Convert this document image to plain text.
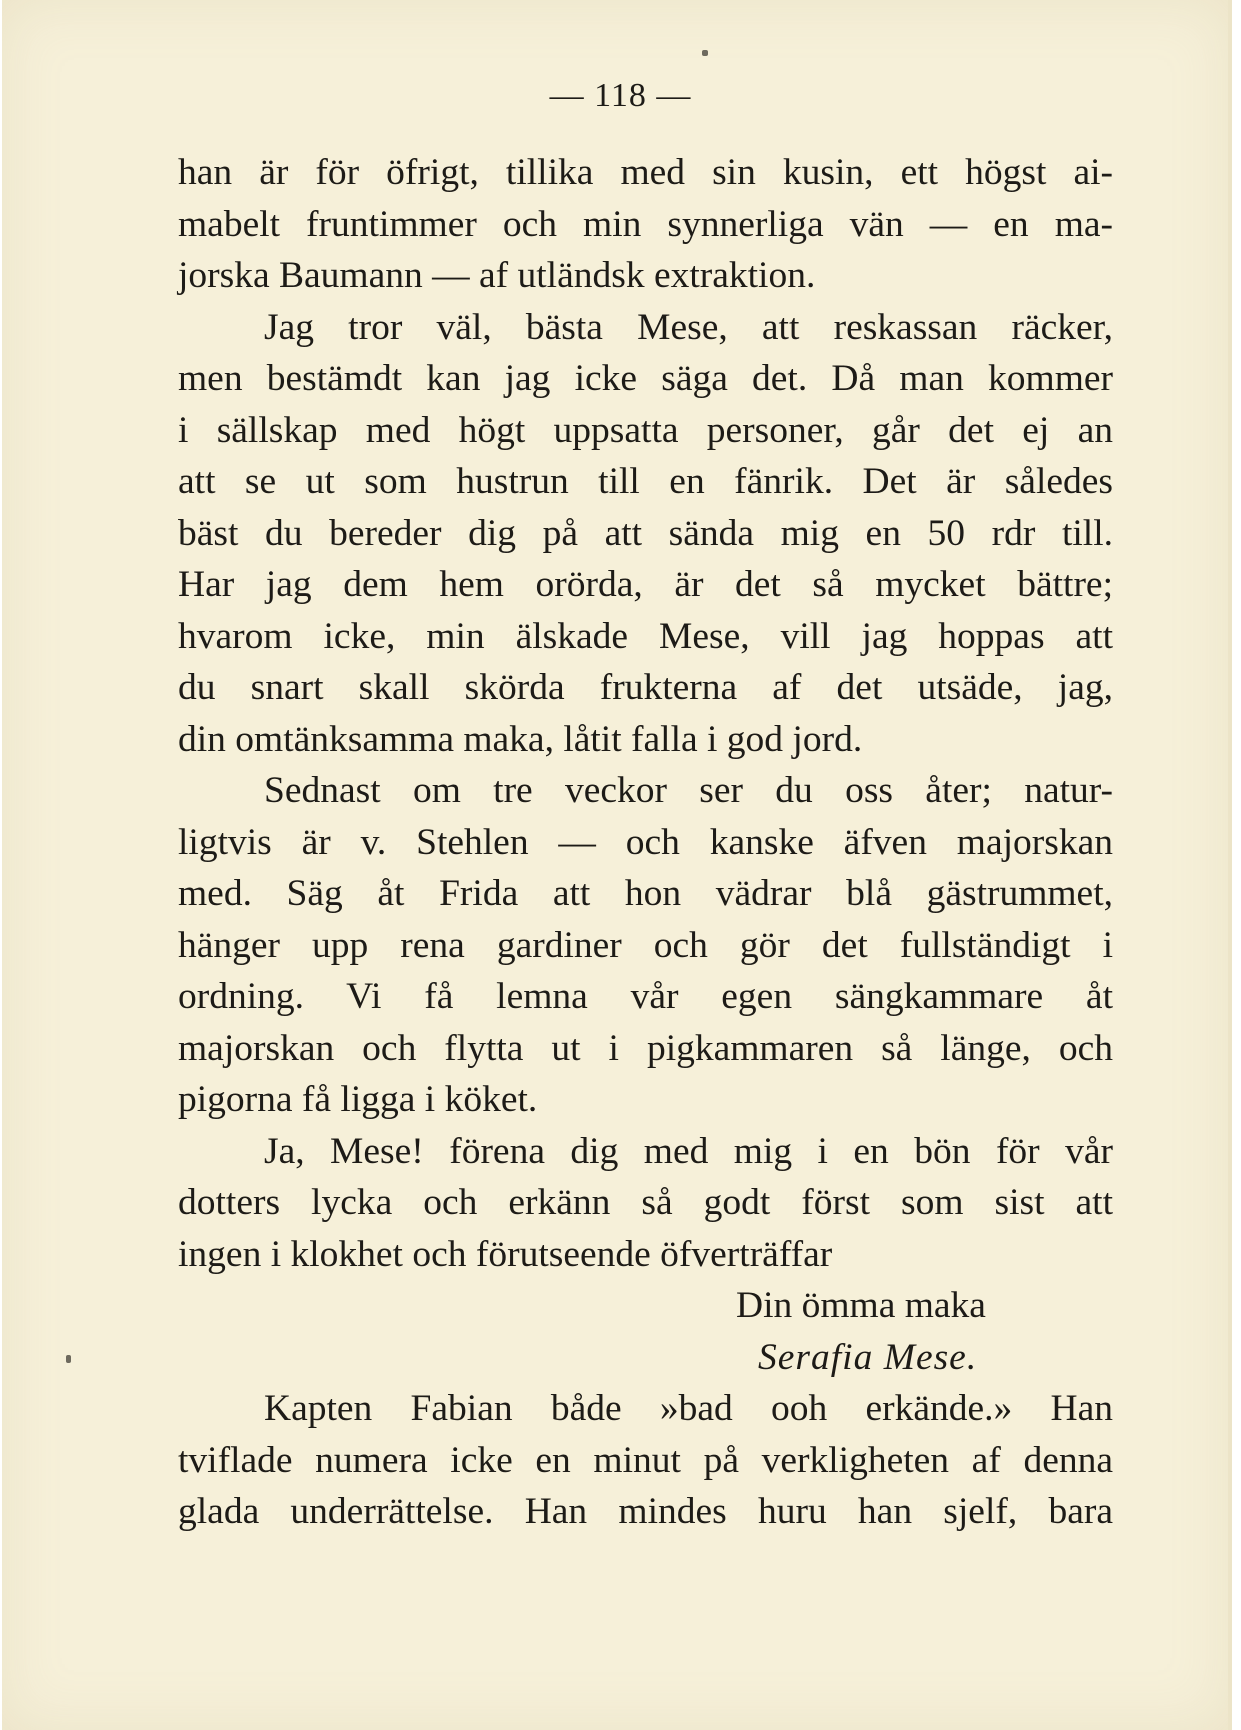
— 118 —
han är för öfrigt, tillika med sin kusin, ett högst ai-
mabelt fruntimmer och min synnerliga vän — en ma-
jorska Baumann — af utländsk extraktion.
Jag tror väl, bästa Mese, att reskassan räcker,
men bestämdt kan jag icke säga det. Då man kommer
i sällskap med högt uppsatta personer, går det ej an
att se ut som hustrun till en fänrik. Det är således
bäst du bereder dig på att sända mig en 50 rdr till.
Har jag dem hem orörda, är det så mycket bättre;
hvarom icke, min älskade Mese, vill jag hoppas att
du snart skall skörda frukterna af det utsäde, jag,
din omtänksamma maka, låtit falla i god jord.
Sednast om tre veckor ser du oss åter; natur-
ligtvis är v. Stehlen — och kanske äfven majorskan
med. Säg åt Frida att hon vädrar blå gästrummet,
hänger upp rena gardiner och gör det fullständigt i
ordning. Vi få lemna vår egen sängkammare åt
majorskan och flytta ut i pigkammaren så länge, och
pigorna få ligga i köket.
Ja, Mese! förena dig med mig i en bön för vår
dotters lycka och erkänn så godt först som sist att
ingen i klokhet och förutseende öfverträffar
Din ömma maka
Serafia Mese.
Kapten Fabian både »bad ooh erkände.» Han
tviflade numera icke en minut på verkligheten af denna
glada underrättelse. Han mindes huru han sjelf, bara
